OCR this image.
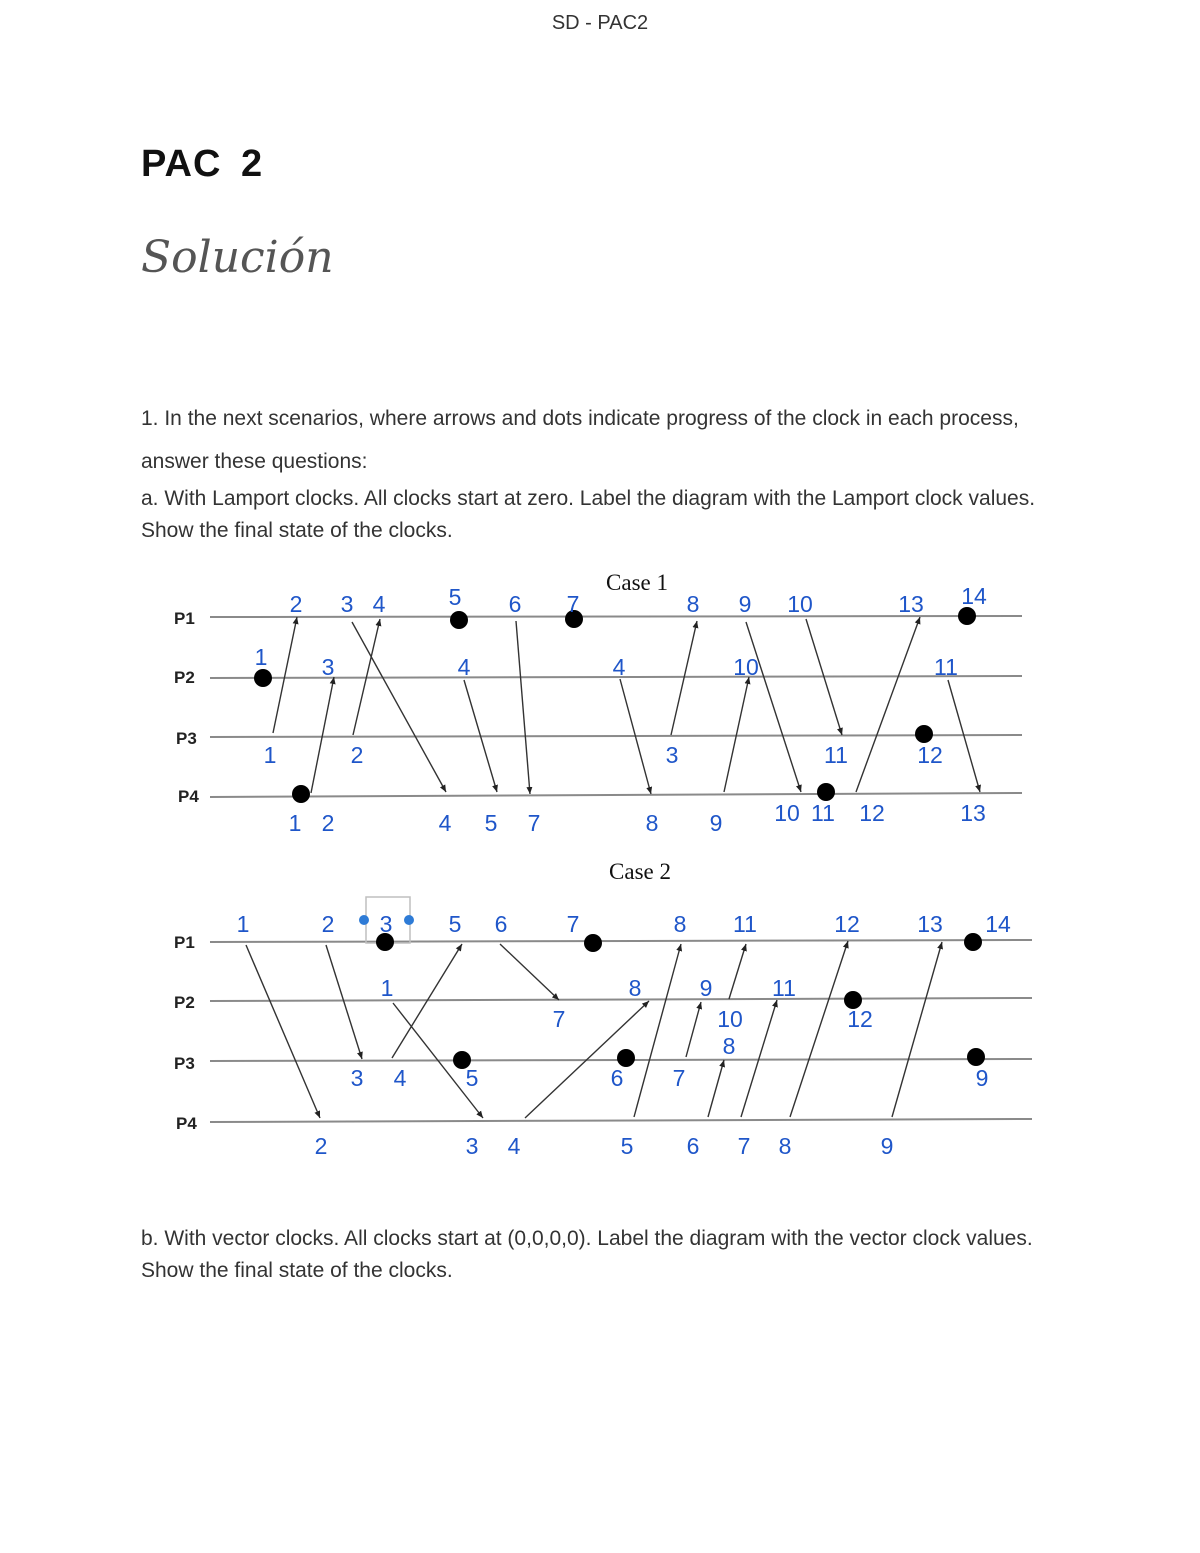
SD - PAC2
PAC 2
Solución
1. In the next scenarios, where arrows and dots indicate progress of the clock in each process, answer these questions:
a. With Lamport clocks. All clocks start at zero. Label the diagram with the Lamport clock values. Show the final state of the clocks.
b. With vector clocks. All clocks start at (0,0,0,0). Label the diagram with the vector clock values. Show the final state of the clocks.
Case 1
P1
P2
P3
P4
2 3 4	5 6 7	8 9 10	13 14
1 3	4	4	10	11
1	2	3	11	12
1 2	4 5 7	8 9 10 11 12	13
Case 2
P1
P2
P3
P4
1	2 3 5 6	7	8 11	12 13 14
1
7
8	9
10
11
12
3 4	5	6 7
8
9
2	3 4	5 6 7 8	9
